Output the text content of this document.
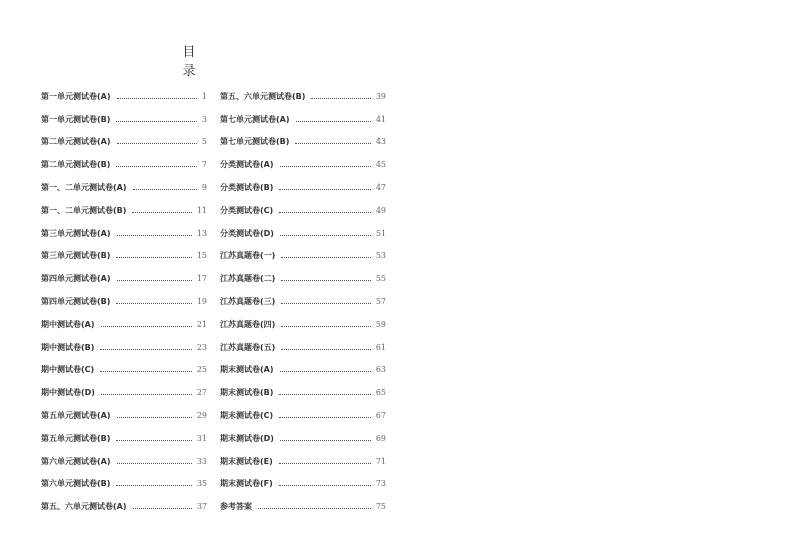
目　录
第一单元测试卷(A)	1
第一单元测试卷(B)	3
第二单元测试卷(A)	5
第二单元测试卷(B)	7
第一、二单元测试卷(A)	9
第一、二单元测试卷(B)	11
第三单元测试卷(A)	13
第三单元测试卷(B)	15
第四单元测试卷(A)	17
第四单元测试卷(B)	19
期中测试卷(A)	21
期中测试卷(B)	23
期中测试卷(C)	25
期中测试卷(D)	27
第五单元测试卷(A)	29
第五单元测试卷(B)	31
第六单元测试卷(A)	33
第六单元测试卷(B)	35
第五、六单元测试卷(A)	37
第五、六单元测试卷(B)	39
第七单元测试卷(A)	41
第七单元测试卷(B)	43
分类测试卷(A)	45
分类测试卷(B)	47
分类测试卷(C)	49
分类测试卷(D)	51
江苏真题卷(一)	53
江苏真题卷(二)	55
江苏真题卷(三)	57
江苏真题卷(四)	59
江苏真题卷(五)	61
期末测试卷(A)	63
期末测试卷(B)	65
期末测试卷(C)	67
期末测试卷(D)	69
期末测试卷(E)	71
期末测试卷(F)	73
参考答案	75
